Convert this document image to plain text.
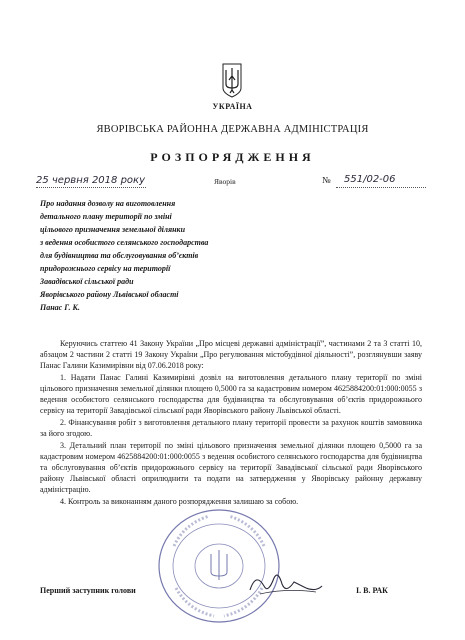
УКРАЇНА
ЯВОРІВСЬКА РАЙОННА ДЕРЖАВНА АДМІНІСТРАЦІЯ
РОЗПОРЯДЖЕННЯ
25 червня 2018 року	Яворів	№ 551/02-06
Про надання дозволу на виготовлення
детального плану території по зміні
цільового призначення земельної ділянки
з ведення особистого селянського господарства
для будівництва та обслуговування об’єктів
придорожнього сервісу на території
Завадівської сільської ради
Яворівського району Львівської області
Панас Г. К.

Керуючись статтею 41 Закону України „Про місцеві державні адміністрації”, частинами 2 та 3 статті 10, абзацом 2 частини 2 статті 19 Закону України „Про регулювання містобудівної діяльності”, розглянувши заяву Панас Галини Казимирівни від 07.06.2018 року:

1. Надати Панас Галині Казимирівні дозвіл на виготовлення детального плану території по зміні цільового призначення земельної ділянки площею 0,5000 га за кадастровим номером 4625884200:01:000:0055 з ведення особистого селянського господарства для будівництва та обслуговування об’єктів придорожнього сервісу на території Завадівської сільської ради Яворівського району Львівської області.

2. Фінансування робіт з виготовлення детального плану території провести за рахунок коштів замовника за його згодою.

3. Детальний план території по зміні цільового призначення земельної ділянки площею 0,5000 га за кадастровим номером 4625884200:01:000:0055 з ведення особистого селянського господарства для будівництва та обслуговування об’єктів придорожнього сервісу на території Завадівської сільської ради Яворівського району Львівської області оприлюднити та подати на затвердження у Яворівську районну державну адміністрацію.

4. Контроль за виконанням даного розпорядження залишаю за собою.

Перший заступник голови	І. В. РАК
